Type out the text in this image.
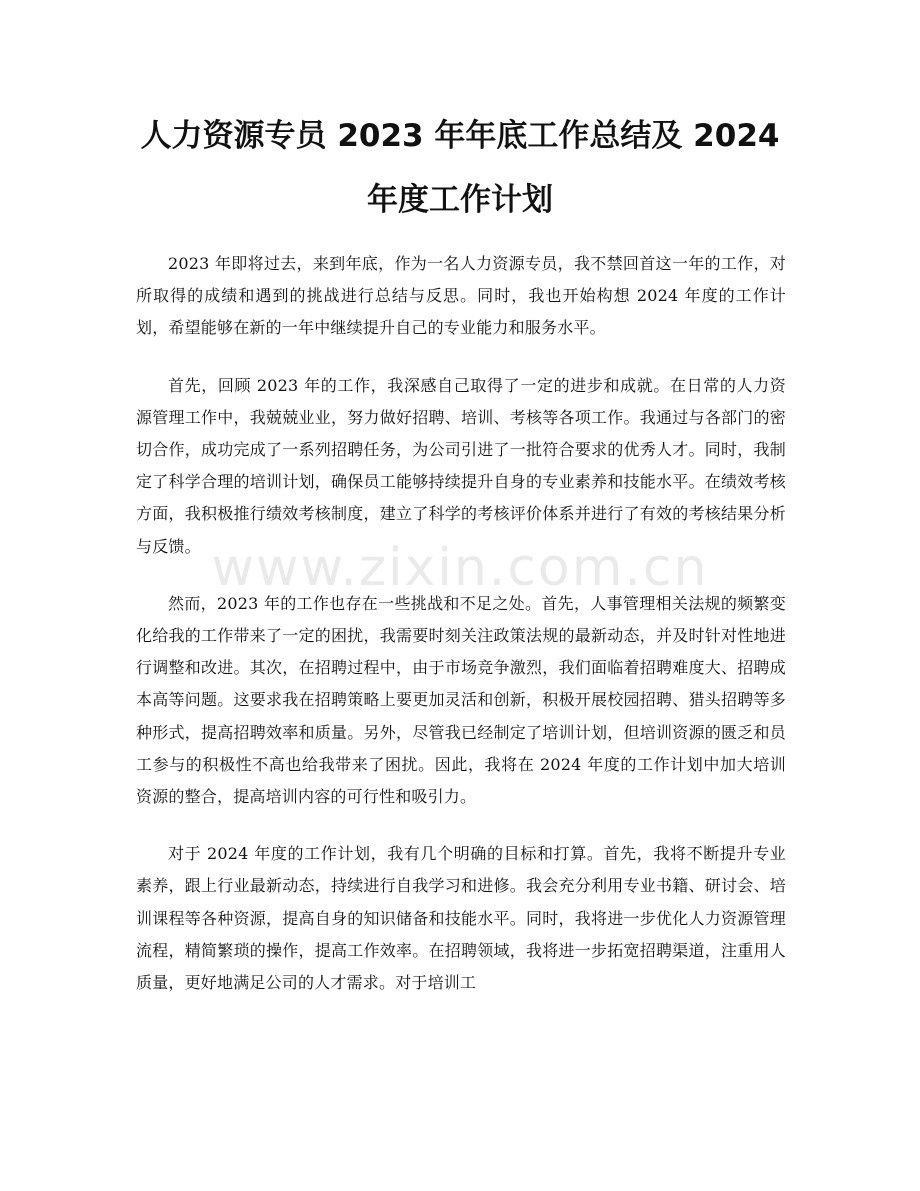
人力资源专员 2023 年年底工作总结及 2024
年度工作计划

2023 年即将过去，来到年底，作为一名人力资源专员，我不禁回首这一年的工作，对所取得的成绩和遇到的挑战进行总结与反思。同时，我也开始构想 2024 年度的工作计划，希望能够在新的一年中继续提升自己的专业能力和服务水平。

首先，回顾 2023 年的工作，我深感自己取得了一定的进步和成就。在日常的人力资源管理工作中，我兢兢业业，努力做好招聘、培训、考核等各项工作。我通过与各部门的密切合作，成功完成了一系列招聘任务，为公司引进了一批符合要求的优秀人才。同时，我制定了科学合理的培训计划，确保员工能够持续提升自身的专业素养和技能水平。在绩效考核方面，我积极推行绩效考核制度，建立了科学的考核评价体系并进行了有效的考核结果分析与反馈。

然而，2023 年的工作也存在一些挑战和不足之处。首先，人事管理相关法规的频繁变化给我的工作带来了一定的困扰，我需要时刻关注政策法规的最新动态，并及时针对性地进行调整和改进。其次，在招聘过程中，由于市场竞争激烈，我们面临着招聘难度大、招聘成本高等问题。这要求我在招聘策略上要更加灵活和创新，积极开展校园招聘、猎头招聘等多种形式，提高招聘效率和质量。另外，尽管我已经制定了培训计划，但培训资源的匮乏和员工参与的积极性不高也给我带来了困扰。因此，我将在 2024 年度的工作计划中加大培训资源的整合，提高培训内容的可行性和吸引力。

对于 2024 年度的工作计划，我有几个明确的目标和打算。首先，我将不断提升专业素养，跟上行业最新动态，持续进行自我学习和进修。我会充分利用专业书籍、研讨会、培训课程等各种资源，提高自身的知识储备和技能水平。同时，我将进一步优化人力资源管理流程，精简繁琐的操作，提高工作效率。在招聘领域，我将进一步拓宽招聘渠道，注重用人质量，更好地满足公司的人才需求。对于培训工

www.zixin.com.cn
